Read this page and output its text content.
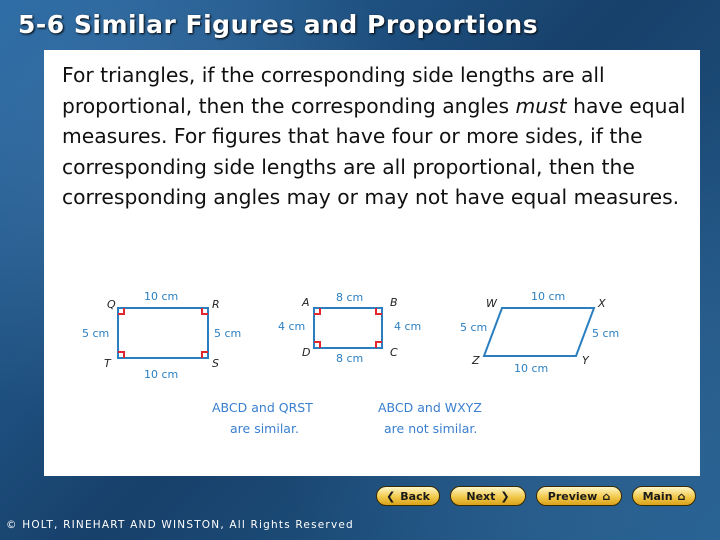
5-6 Similar Figures and Proportions
For triangles, if the corresponding side lengths are all proportional, then the corresponding angles must have equal measures. For figures that have four or more sides, if the corresponding side lengths are all proportional, then the corresponding angles may or may not have equal measures.
Q	R
S
T
10 cm
10 cm
5 cm	5 cm
A	B
C
D
8 cm
8 cm
4 cm	4 cm
W	X
Y
Z
10 cm
10 cm
5 cm	5 cm
ABCD and QRST
are similar.
ABCD and WXYZ
are not similar.
❮ Back	Next ❯	Preview ⌂	Main ⌂
© HOLT, RINEHART AND WINSTON, All Rights Reserved
